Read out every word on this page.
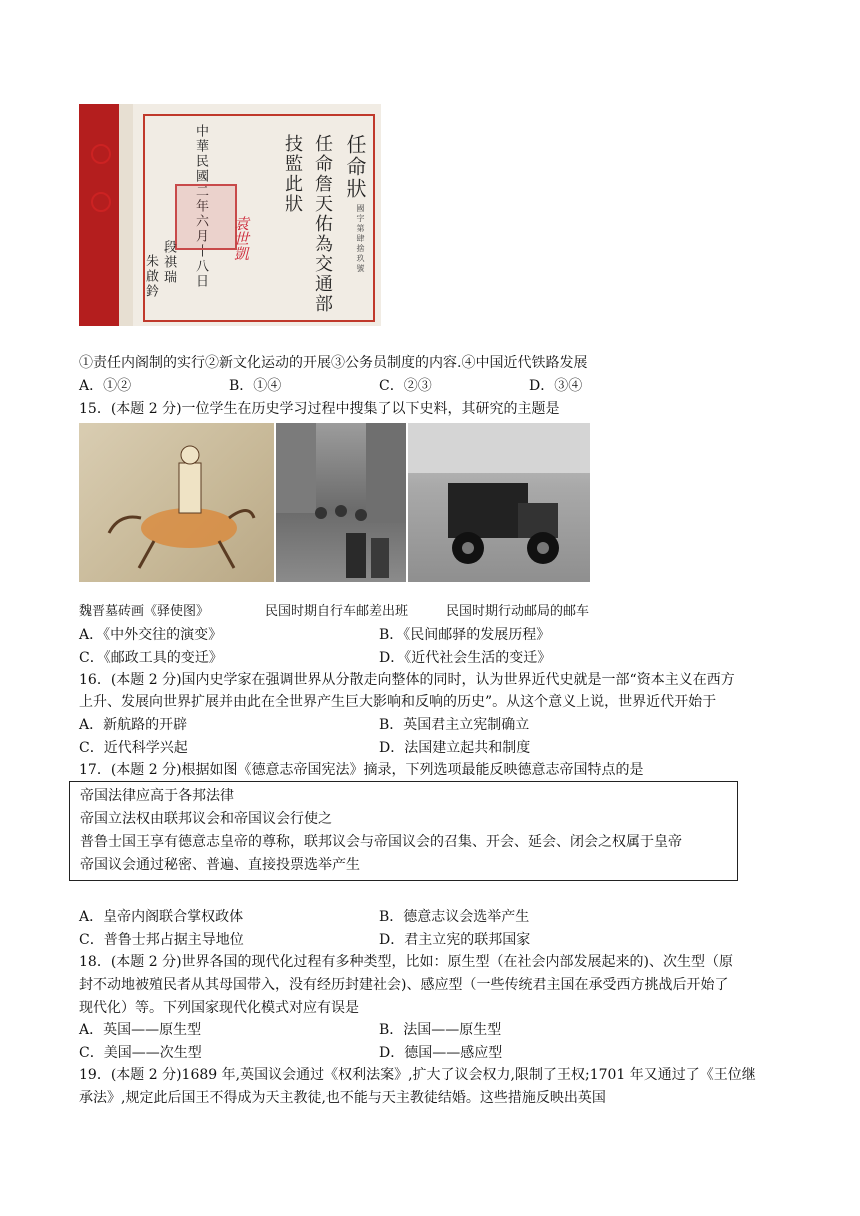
任命狀
國字第肆捨玖號
任命詹天佑為交通部
技監此狀
中華民國二年六月十八日 袁世凱
段祺瑞
朱啟鈐
①责任内阁制的实行②新文化运动的开展③公务员制度的内容.④中国近代铁路发展
A．①②	B．①④	C．②③	D．③④
15．(本题 2 分)一位学生在历史学习过程中搜集了以下史料，其研究的主题是
魏晋墓砖画《驿使图》	民国时期自行车邮差出班	民国时期行动邮局的邮车
A．《中外交往的演变》	B．《民间邮驿的发展历程》
C．《邮政工具的变迁》	D．《近代社会生活的变迁》
16．(本题 2 分)国内史学家在强调世界从分散走向整体的同时，认为世界近代史就是一部“资本主义在西方
上升、发展向世界扩展并由此在全世界产生巨大影响和反响的历史”。从这个意义上说，世界近代开始于
A．新航路的开辟	B．英国君主立宪制确立
C．近代科学兴起	D．法国建立起共和制度
17．(本题 2 分)根据如图《德意志帝国宪法》摘录，下列选项最能反映德意志帝国特点的是
帝国法律应高于各邦法律
帝国立法权由联邦议会和帝国议会行使之
普鲁士国王享有德意志皇帝的尊称，联邦议会与帝国议会的召集、开会、延会、闭会之权属于皇帝
帝国议会通过秘密、普遍、直接投票选举产生
A．皇帝内阁联合掌权政体	B．德意志议会选举产生
C．普鲁士邦占据主导地位	D．君主立宪的联邦国家
18．(本题 2 分)世界各国的现代化过程有多种类型，比如：原生型（在社会内部发展起来的)、次生型（原
封不动地被殖民者从其母国带入，没有经历封建社会)、感应型（一些传统君主国在承受西方挑战后开始了
现代化）等。下列国家现代化模式对应有误是
A．英国——原生型	B．法国——原生型
C．美国——次生型	D．德国——感应型
19．(本题 2 分)1689 年,英国议会通过《权利法案》,扩大了议会权力,限制了王权;1701 年又通过了《王位继
承法》,规定此后国王不得成为天主教徒,也不能与天主教徒结婚。这些措施反映出英国
